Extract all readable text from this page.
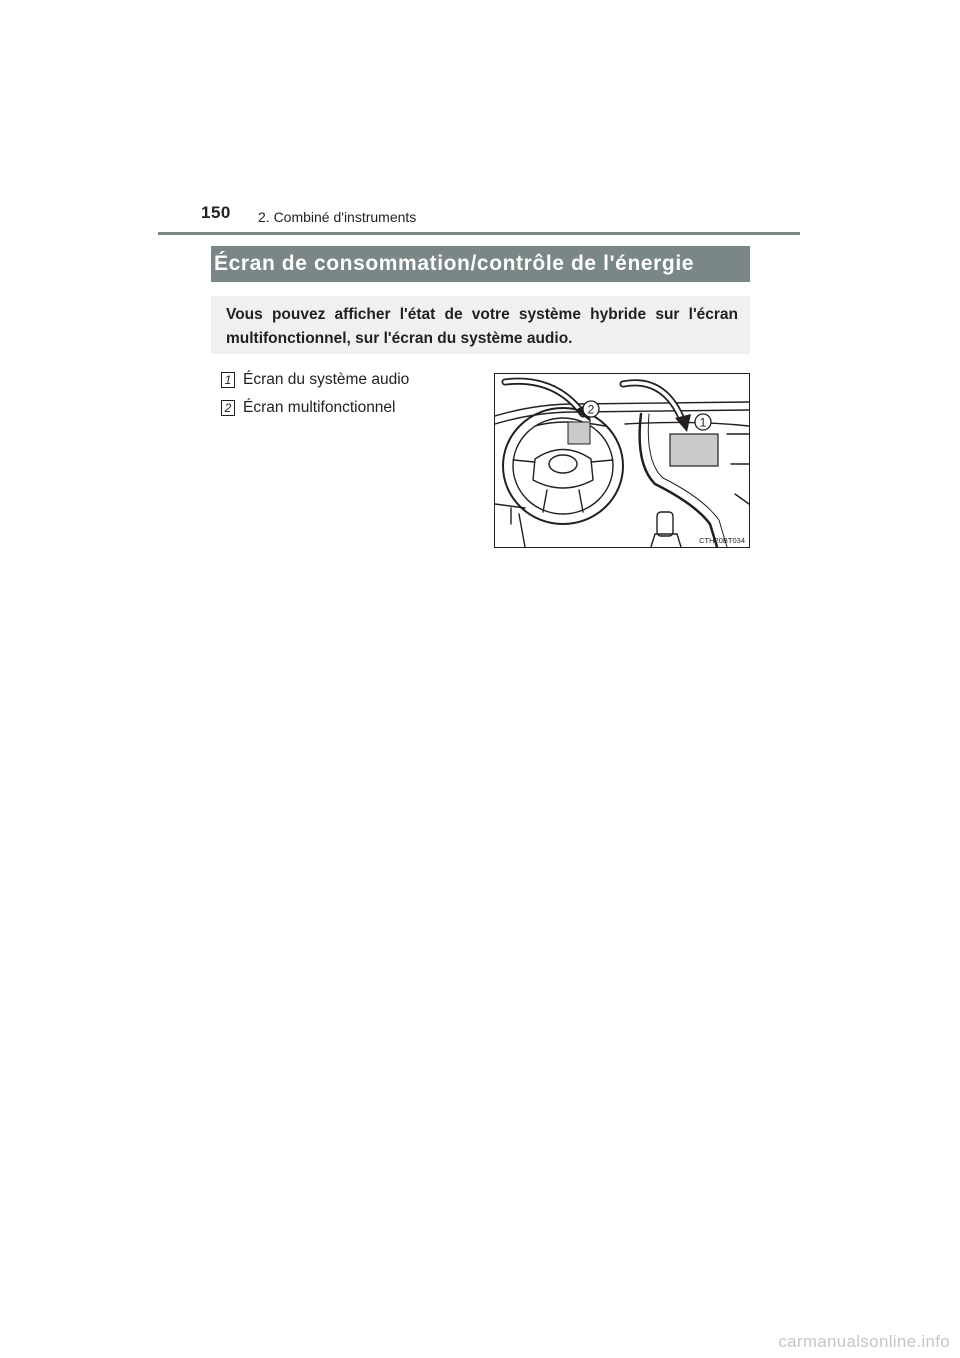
150 2. Combiné d'instruments
Écran de consommation/contrôle de l'énergie
Vous pouvez afficher l'état de votre système hybride sur l'écran multifonctionnel, sur l'écran du système audio.
1 Écran du système audio
2 Écran multifonctionnel	2
1
CTH20BT034
carmanualsonline.info
